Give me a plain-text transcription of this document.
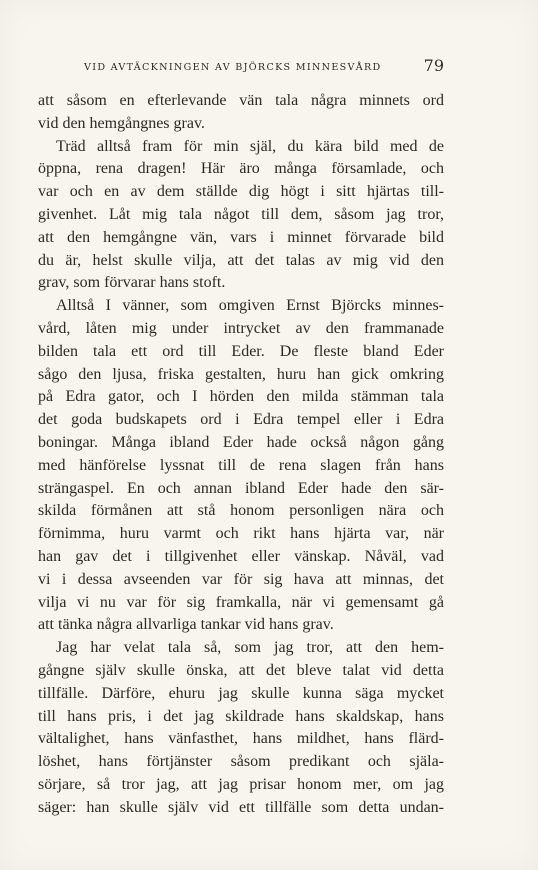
VID AVTÄCKNINGEN AV BJÖRCKS MINNESVÅRD	79
att såsom en efterlevande vän tala några minnets ord
vid den hemgångnes grav.
Träd alltså fram för min själ, du kära bild med de
öppna, rena dragen! Här äro många församlade, och
var och en av dem ställde dig högt i sitt hjärtas till-
givenhet. Låt mig tala något till dem, såsom jag tror,
att den hemgångne vän, vars i minnet förvarade bild
du är, helst skulle vilja, att det talas av mig vid den
grav, som förvarar hans stoft.
Alltså I vänner, som omgiven Ernst Björcks minnes-
vård, låten mig under intrycket av den frammanade
bilden tala ett ord till Eder. De fleste bland Eder
sågo den ljusa, friska gestalten, huru han gick omkring
på Edra gator, och I hörden den milda stämman tala
det goda budskapets ord i Edra tempel eller i Edra
boningar. Många ibland Eder hade också någon gång
med hänförelse lyssnat till de rena slagen från hans
strängaspel. En och annan ibland Eder hade den sär-
skilda förmånen att stå honom personligen nära och
förnimma, huru varmt och rikt hans hjärta var, när
han gav det i tillgivenhet eller vänskap. Nåväl, vad
vi i dessa avseenden var för sig hava att minnas, det
vilja vi nu var för sig framkalla, när vi gemensamt gå
att tänka några allvarliga tankar vid hans grav.
Jag har velat tala så, som jag tror, att den hem-
gångne själv skulle önska, att det bleve talat vid detta
tillfälle. Därföre, ehuru jag skulle kunna säga mycket
till hans pris, i det jag skildrade hans skaldskap, hans
vältalighet, hans vänfasthet, hans mildhet, hans flärd-
löshet, hans förtjänster såsom predikant och själa-
sörjare, så tror jag, att jag prisar honom mer, om jag
säger: han skulle själv vid ett tillfälle som detta undan-
